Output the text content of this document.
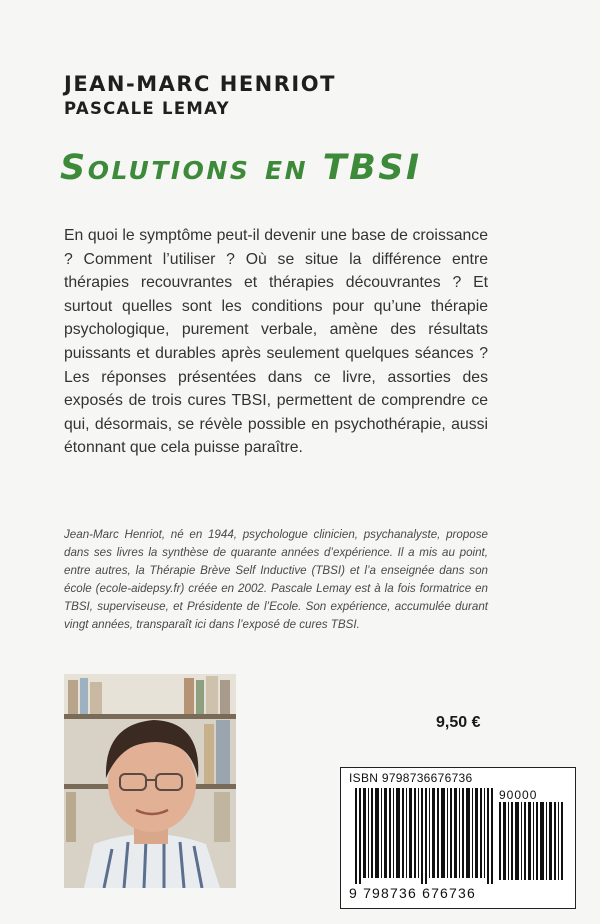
JEAN-MARC HENRIOT
PASCALE LEMAY
Solutions en TBSI

En quoi le symptôme peut-il devenir une base de croissance ? Comment l’utiliser ? Où se situe la différence entre thérapies recouvrantes et thérapies découvrantes ? Et surtout quelles sont les conditions pour qu’une thérapie psychologique, purement verbale, amène des résultats puissants et durables après seulement quelques séances ? Les réponses présentées dans ce livre, assorties des exposés de trois cures TBSI, permettent de comprendre ce qui, désormais, se révèle possible en psychothérapie, aussi étonnant que cela puisse paraître.

Jean-Marc Henriot, né en 1944, psychologue clinicien, psychanalyste, propose dans ses livres la synthèse de quarante années d’expérience. Il a mis au point, entre autres, la Thérapie Brève Self Inductive (TBSI) et l’a enseignée dans son école (ecole-aidepsy.fr) créée en 2002. Pascale Lemay est à la fois formatrice en TBSI, superviseuse, et Présidente de l’Ecole. Son expérience, accumulée durant vingt années, transparaît ici dans l’exposé de cures TBSI.

9,50 €
ISBN 9798736676736
90000
9 798736 676736
